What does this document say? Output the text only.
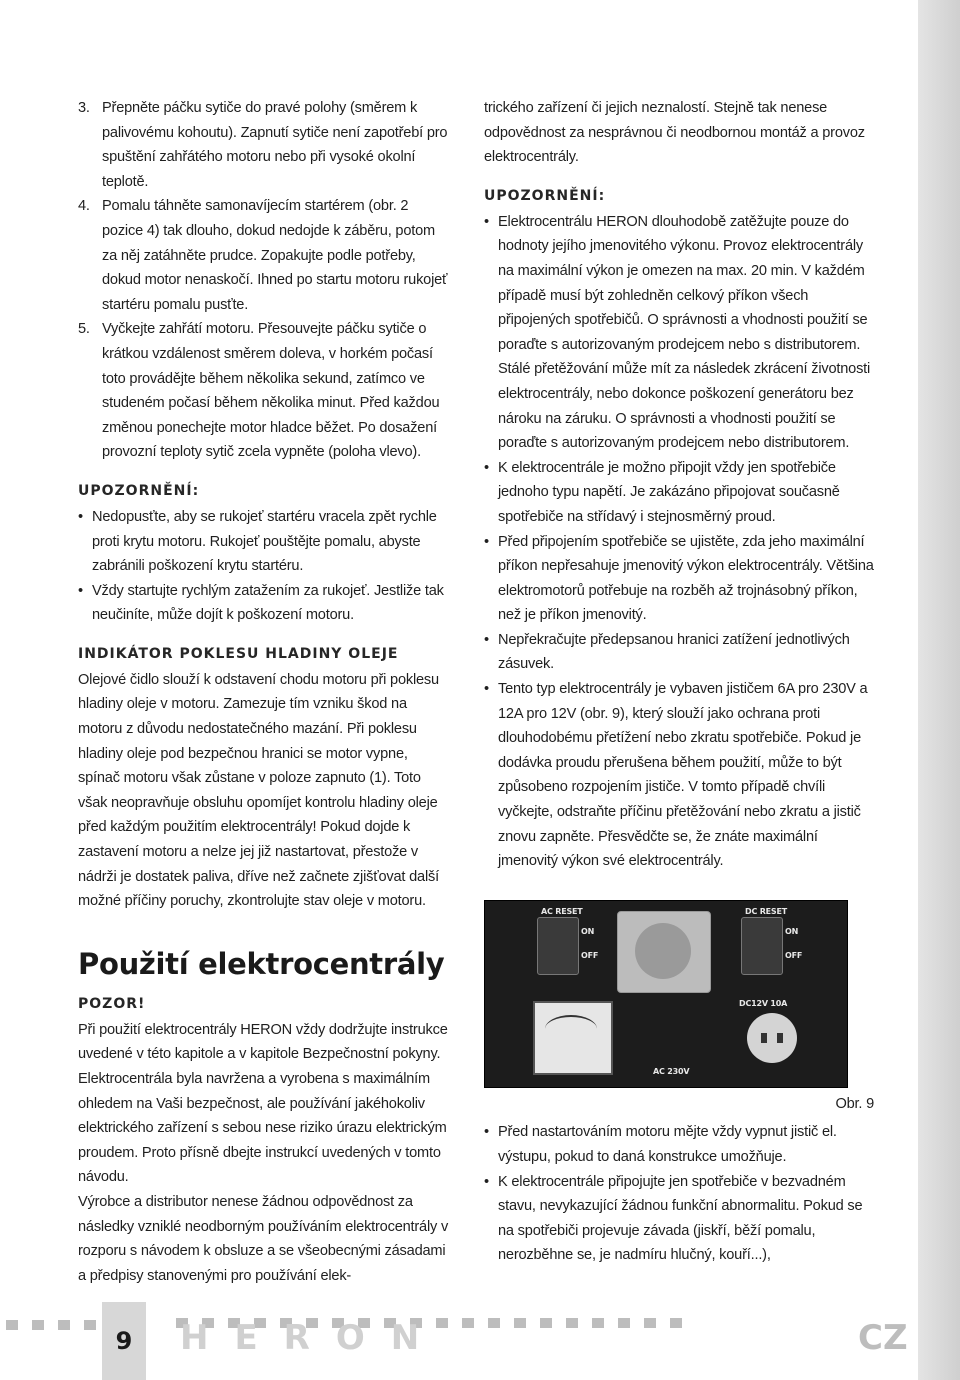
3. Přepněte páčku sytiče do pravé polohy (směrem k palivovému kohoutu). Zapnutí sytiče není zapotřebí pro spuštění zahřátého motoru nebo při vysoké okolní teplotě.

4. Pomalu táhněte samonavíjecím startérem (obr. 2 pozice 4) tak dlouho, dokud nedojde k záběru, potom za něj zatáhněte prudce. Zopakujte podle potřeby, dokud motor nenaskočí. Ihned po startu motoru rukojeť startéru pomalu pusťte.

5. Vyčkejte zahřátí motoru. Přesouvejte páčku sytiče o krátkou vzdálenost směrem doleva, v horkém počasí toto provádějte během několika sekund, zatímco ve studeném počasí během několika minut. Před každou změnou ponechejte motor hladce běžet. Po dosažení provozní teploty sytič zcela vypněte (poloha vlevo).

UPOZORNĚNÍ:
• Nedopusťte, aby se rukojeť startéru vracela zpět rychle proti krytu motoru. Rukojeť pouštějte pomalu, abyste zabránili poškození krytu startéru.
• Vždy startujte rychlým zatažením za rukojeť. Jestliže tak neučiníte, může dojít k poškození motoru.
INDIKÁTOR POKLESU HLADINY OLEJE

Olejové čidlo slouží k odstavení chodu motoru při poklesu hladiny oleje v motoru. Zamezuje tím vzniku škod na motoru z důvodu nedostatečného mazání. Při poklesu hladiny oleje pod bezpečnou hranici se motor vypne, spínač motoru však zůstane v poloze zapnuto (1). Toto však neopravňuje obsluhu opomíjet kontrolu hladiny oleje před každým použitím elektrocentrály! Pokud dojde k zastavení motoru a nelze jej již nastartovat, přestože v nádrži je dostatek paliva, dříve než začnete zjišťovat další možné příčiny poruchy, zkontrolujte stav oleje v motoru.

Použití elektrocentrály
POZOR!

Při použití elektrocentrály HERON vždy dodržujte instrukce uvedené v této kapitole a v kapitole Bezpečnostní pokyny. Elektrocentrála byla navržena a vyrobena s maximálním ohledem na Vaši bezpečnost, ale používání jakéhokoliv elektrického zařízení s sebou nese riziko úrazu elektrickým proudem. Proto přísně dbejte instrukcí uvedených v tomto návodu.

Výrobce a distributor nenese žádnou odpovědnost za následky vzniklé neodborným používáním elektrocentrály v rozporu s návodem k obsluze a se všeobecnými zásadami a předpisy stanovenými pro používání elek-

trického zařízení či jejich neznalostí. Stejně tak nenese odpovědnost za nesprávnou či neodbornou montáž a provoz elektrocentrály.

UPOZORNĚNÍ:
• Elektrocentrálu HERON dlouhodobě zatěžujte pouze do hodnoty jejího jmenovitého výkonu. Provoz elektrocentrály na maximální výkon je omezen na max. 20 min. V každém případě musí být zohledněn celkový příkon všech připojených spotřebičů. O správnosti a vhodnosti použití se poraďte s autorizovaným prodejcem nebo s distributorem. Stálé přetěžování může mít za následek zkrácení životnosti elektrocentrály, nebo dokonce poškození generátoru bez nároku na záruku. O správnosti a vhodnosti použití se poraďte s autorizovaným prodejcem nebo distributorem.
• K elektrocentrále je možno připojit vždy jen spotřebiče jednoho typu napětí. Je zakázáno připojovat současně spotřebiče na střídavý i stejnosměrný proud.
• Před připojením spotřebiče se ujistěte, zda jeho maximální příkon nepřesahuje jmenovitý výkon elektrocentrály. Většina elektromotorů potřebuje na rozběh až trojnásobný příkon, než je příkon jmenovitý.
• Nepřekračujte předepsanou hranici zatížení jednotlivých zásuvek.
• Tento typ elektrocentrály je vybaven jističem 6A pro 230V a 12A pro 12V (obr. 9), který slouží jako ochrana proti dlouhodobému přetížení nebo zkratu spotřebiče. Pokud je dodávka proudu přerušena během použití, může to být způsobeno rozpojením jističe. V tomto případě chvíli vyčkejte, odstraňte příčinu přetěžování nebo zkratu a jistič znovu zapněte. Přesvědčte se, že znáte maximální jmenovitý výkon své elektrocentrály.
AC RESET
ON
OFF
AC 230V
DC RESET
ON
OFF
DC12V 10A
Obr. 9
• Před nastartováním motoru mějte vždy vypnut jistič el. výstupu, pokud to daná konstrukce umožňuje.
• K elektrocentrále připojujte jen spotřebiče v bezvadném stavu, nevykazující žádnou funkční abnormalitu. Pokud se na spotřebiči projevuje závada (jiskří, běží pomalu, nerozběhne se, je nadmíru hlučný, kouří...),
9	HERON	CZ
